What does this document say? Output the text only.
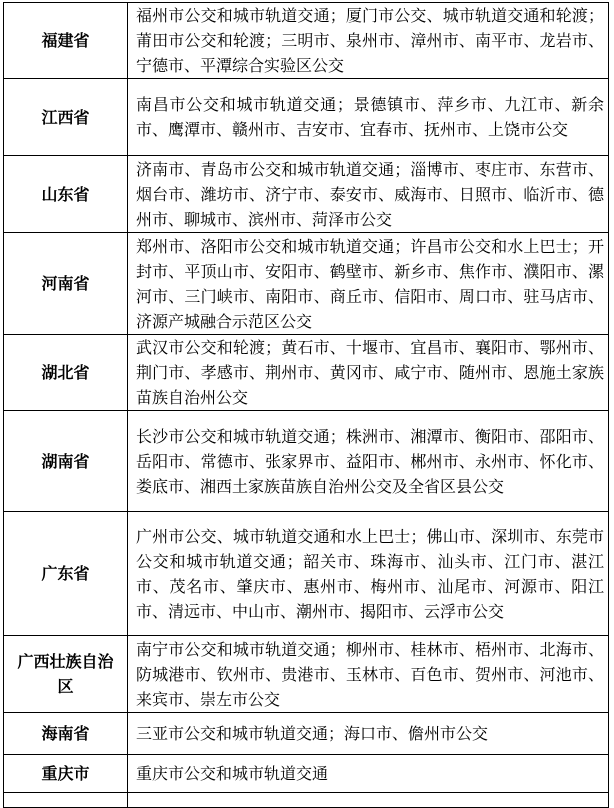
福建省	福州市公交和城市轨道交通；厦门市公交、城市轨道交通和轮渡；莆田市公交和轮渡；三明市、泉州市、漳州市、南平市、龙岩市、宁德市、平潭综合实验区公交
江西省	南昌市公交和城市轨道交通；景德镇市、萍乡市、九江市、新余市、鹰潭市、赣州市、吉安市、宜春市、抚州市、上饶市公交
山东省	济南市、青岛市公交和城市轨道交通；淄博市、枣庄市、东营市、烟台市、潍坊市、济宁市、泰安市、威海市、日照市、临沂市、德州市、聊城市、滨州市、菏泽市公交
河南省	郑州市、洛阳市公交和城市轨道交通；许昌市公交和水上巴士；开封市、平顶山市、安阳市、鹤壁市、新乡市、焦作市、濮阳市、漯河市、三门峡市、南阳市、商丘市、信阳市、周口市、驻马店市、济源产城融合示范区公交
湖北省	武汉市公交和轮渡；黄石市、十堰市、宜昌市、襄阳市、鄂州市、荆门市、孝感市、荆州市、黄冈市、咸宁市、随州市、恩施土家族苗族自治州公交
湖南省	长沙市公交和城市轨道交通；株洲市、湘潭市、衡阳市、邵阳市、岳阳市、常德市、张家界市、益阳市、郴州市、永州市、怀化市、娄底市、湘西土家族苗族自治州公交及全省区县公交
广东省	广州市公交、城市轨道交通和水上巴士；佛山市、深圳市、东莞市公交和城市轨道交通；韶关市、珠海市、汕头市、江门市、湛江市、茂名市、肇庆市、惠州市、梅州市、汕尾市、河源市、阳江市、清远市、中山市、潮州市、揭阳市、云浮市公交
广西壮族自治区	南宁市公交和城市轨道交通；柳州市、桂林市、梧州市、北海市、防城港市、钦州市、贵港市、玉林市、百色市、贺州市、河池市、来宾市、崇左市公交
海南省	三亚市公交和城市轨道交通；海口市、儋州市公交
重庆市	重庆市公交和城市轨道交通
